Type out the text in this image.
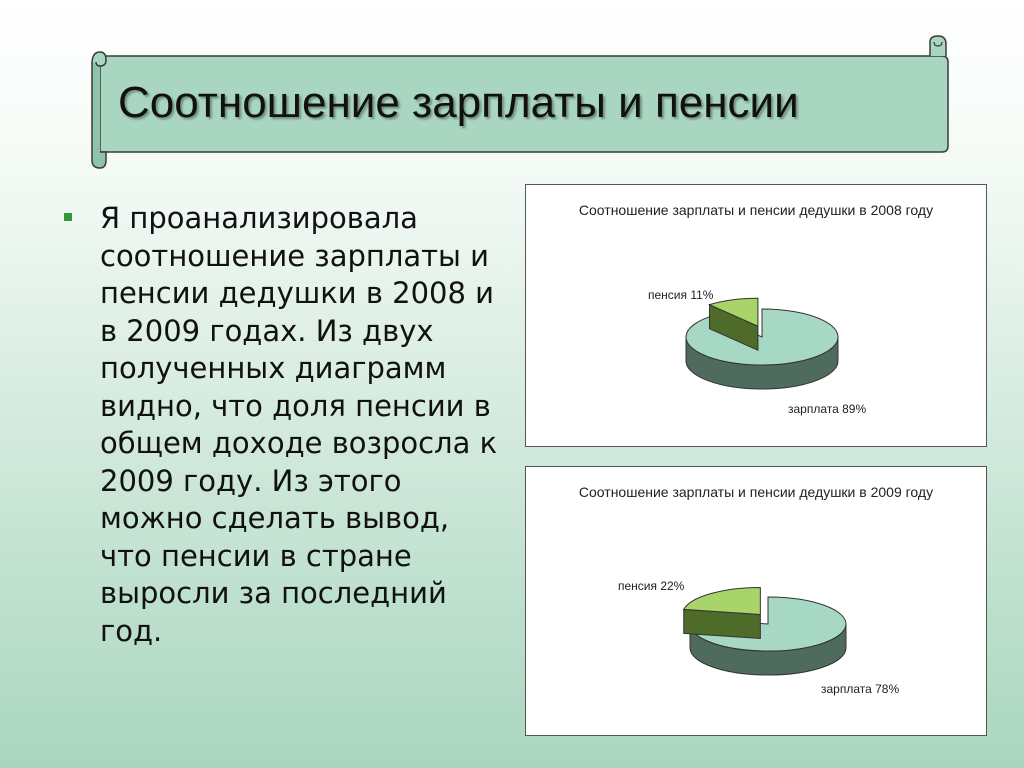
Соотношение зарплаты и пенсии
Я проанализировала соотношение зарплаты и пенсии дедушки в 2008 и в 2009 годах. Из двух полученных диаграмм видно, что доля пенсии в общем доходе возросла к 2009 году. Из этого можно сделать вывод, что пенсии в стране выросли за последний год.
Соотношение зарплаты и пенсии дедушки в 2008 году
пенсия 11%
зарплата 89%
Соотношение зарплаты и пенсии дедушки в 2009 году
пенсия 22%
зарплата 78%
